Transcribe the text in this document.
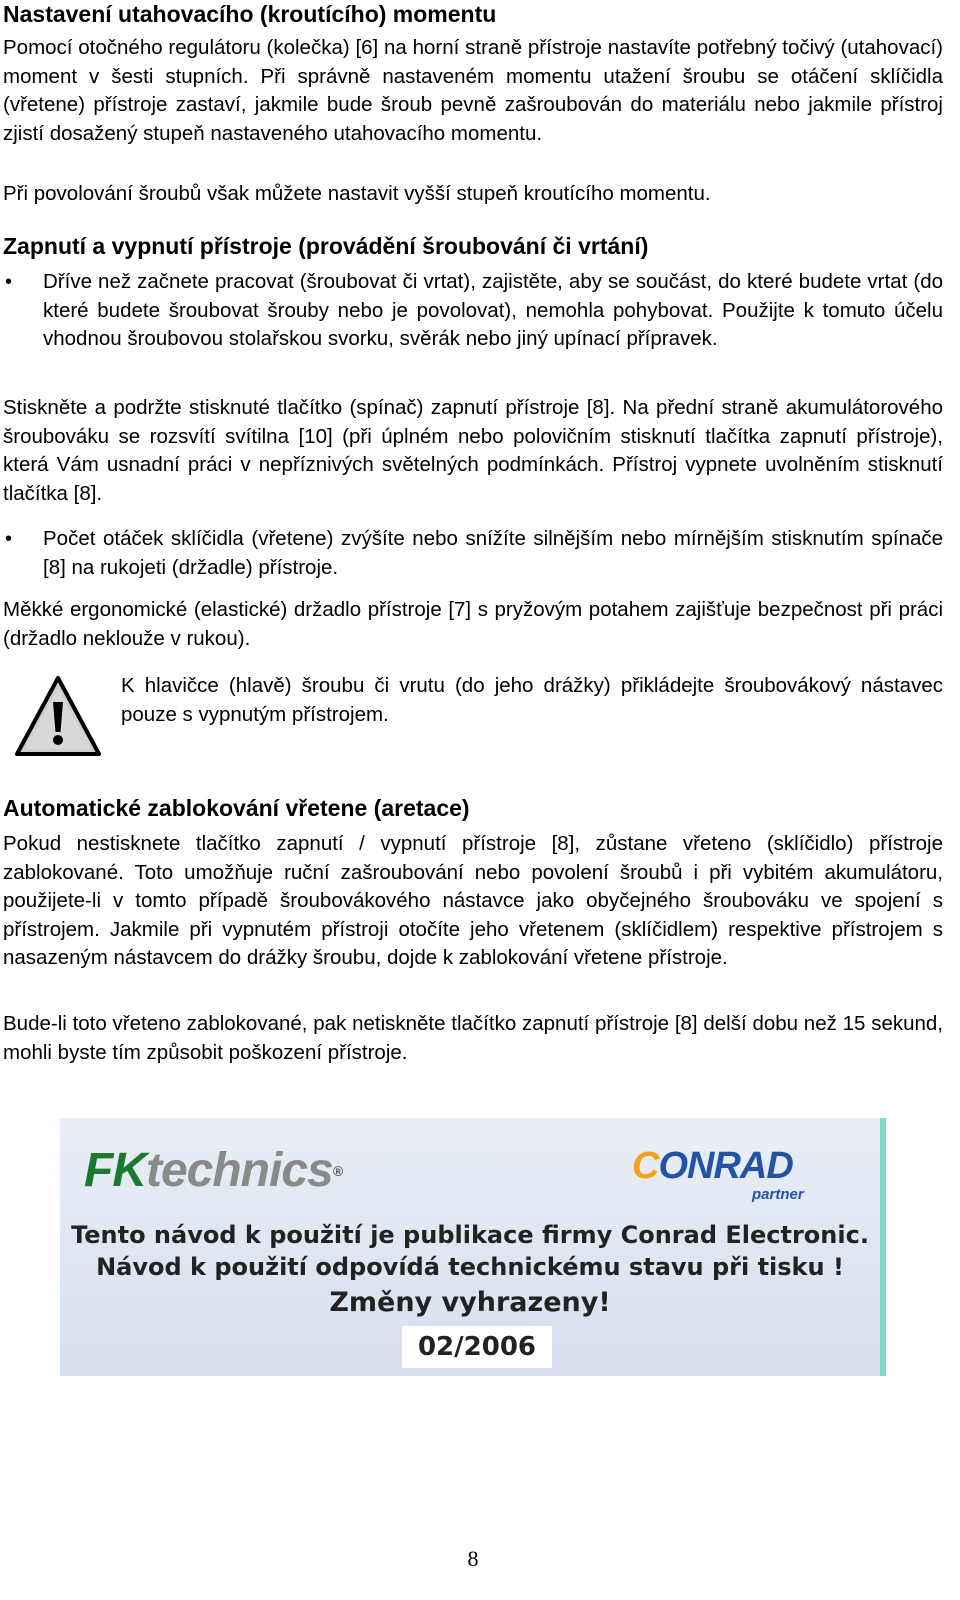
Nastavení utahovacího (kroutícího) momentu

Pomocí otočného regulátoru (kolečka) [6] na horní straně přístroje nastavíte potřebný točivý (utahovací) moment v šesti stupních. Při správně nastaveném momentu utažení šroubu se otáčení sklíčidla (vřetene) přístroje zastaví, jakmile bude šroub pevně zašroubován do materiálu nebo jakmile přístroj zjistí dosažený stupeň nastaveného utahovacího momentu.

Při povolování šroubů však můžete nastavit vyšší stupeň kroutícího momentu.

Zapnutí a vypnutí přístroje (provádění šroubování či vrtání)
•	Dříve než začnete pracovat (šroubovat či vrtat), zajistěte, aby se součást, do které budete vrtat (do které budete šroubovat šrouby nebo je povolovat), nemohla pohybovat. Použijte k tomuto účelu vhodnou šroubovou stolařskou svorku, svěrák nebo jiný upínací přípravek.

Stiskněte a podržte stisknuté tlačítko (spínač) zapnutí přístroje [8]. Na přední straně akumulátorového šroubováku se rozsvítí svítilna [10] (při úplném nebo polovičním stisknutí tlačítka zapnutí přístroje), která Vám usnadní práci v nepříznivých světelných podmínkách. Přístroj vypnete uvolněním stisknutí tlačítka [8].

•	Počet otáček sklíčidla (vřetene) zvýšíte nebo snížíte silnějším nebo mírnějším stisknutím spínače [8] na rukojeti (držadle) přístroje.

Měkké ergonomické (elastické) držadlo přístroje [7] s pryžovým potahem zajišťuje bezpečnost při práci (držadlo neklouže v rukou).

K hlavičce (hlavě) šroubu či vrutu (do jeho drážky) přikládejte šroubovákový nástavec pouze s vypnutým přístrojem.

Automatické zablokování vřetene (aretace)

Pokud nestisknete tlačítko zapnutí / vypnutí přístroje [8], zůstane vřeteno (sklíčidlo) přístroje zablokované. Toto umožňuje ruční zašroubování nebo povolení šroubů i při vybitém akumulátoru, použijete-li v tomto případě šroubovákového nástavce jako obyčejného šroubováku ve spojení s přístrojem. Jakmile při vypnutém přístroji otočíte jeho vřetenem (sklíčidlem) respektive přístrojem s nasazeným nástavcem do drážky šroubu, dojde k zablokování vřetene přístroje.

Bude-li toto vřeteno zablokované, pak netiskněte tlačítko zapnutí přístroje [8] delší dobu než 15 sekund, mohli byste tím způsobit poškození přístroje.

8
FKtechnics®	CONRAD
partner
Tento návod k použití je publikace firmy Conrad Electronic.
Návod k použití odpovídá technickému stavu při tisku !
Změny vyhrazeny!
02/2006
